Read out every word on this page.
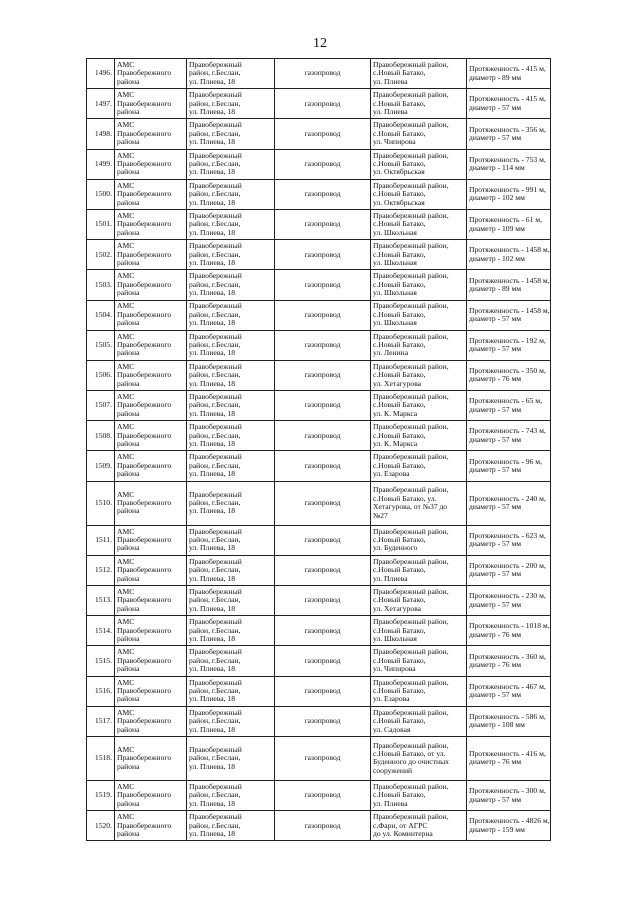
12
1496.	АМС
Правобережного
района	Правобережный
район, г.Беслан,
ул. Плиева, 18	газопровод	Правобережный район,
с.Новый Батако,
ул. Плиева	Протяженность - 415 м,
диаметр - 89 мм

1497.	АМС
Правобережного
района	Правобережный
район, г.Беслан,
ул. Плиева, 18	газопровод	Правобережный район,
с.Новый Батако,
ул. Плиева	Протяженность - 415 м,
диаметр - 57 мм

1498.	АМС
Правобережного
района	Правобережный
район, г.Беслан,
ул. Плиева, 18	газопровод	Правобережный район,
с.Новый Батако,
ул. Чипирова	Протяженность - 356 м,
диаметр - 57 мм

1499.	АМС
Правобережного
района	Правобережный
район, г.Беслан,
ул. Плиева, 18	газопровод	Правобережный район,
с.Новый Батако,
ул. Октябрьская	Протяженность - 753 м,
диаметр - 114 мм

1500.	АМС
Правобережного
района	Правобережный
район, г.Беслан,
ул. Плиева, 18	газопровод	Правобережный район,
с.Новый Батако,
ул. Октябрьская	Протяженность - 991 м,
диаметр - 102 мм

1501.	АМС
Правобережного
района	Правобережный
район, г.Беслан,
ул. Плиева, 18	газопровод	Правобережный район,
с.Новый Батако,
ул. Школьная	Протяженность - 61 м,
диаметр - 109 мм

1502.	АМС
Правобережного
района	Правобережный
район, г.Беслан,
ул. Плиева, 18	газопровод	Правобережный район,
с.Новый Батако,
ул. Школьная	Протяженность - 1458 м,
диаметр - 102 мм

1503.	АМС
Правобережного
района	Правобережный
район, г.Беслан,
ул. Плиева, 18	газопровод	Правобережный район,
с.Новый Батако,
ул. Школьная	Протяженность - 1458 м,
диаметр - 89 мм

1504.	АМС
Правобережного
района	Правобережный
район, г.Беслан,
ул. Плиева, 18	газопровод	Правобережный район,
с.Новый Батако,
ул. Школьная	Протяженность - 1458 м,
диаметр - 57 мм

1505.	АМС
Правобережного
района	Правобережный
район, г.Беслан,
ул. Плиева, 18	газопровод	Правобережный район,
с.Новый Батако,
ул. Ленина	Протяженность - 192 м,
диаметр - 57 мм

1506.	АМС
Правобережного
района	Правобережный
район, г.Беслан,
ул. Плиева, 18	газопровод	Правобережный район,
с.Новый Батако,
ул. Хетагурова	Протяженность - 350 м,
диаметр - 76 мм

1507.	АМС
Правобережного
района	Правобережный
район, г.Беслан,
ул. Плиева, 18	газопровод	Правобережный район,
с.Новый Батако,
ул. К. Маркса	Протяженность - 65 м,
диаметр - 57 мм

1508.	АМС
Правобережного
района	Правобережный
район, г.Беслан,
ул. Плиева, 18	газопровод	Правобережный район,
с.Новый Батако,
ул. К. Маркса	Протяженность - 743 м,
диаметр - 57 мм

1509.	АМС
Правобережного
района	Правобережный
район, г.Беслан,
ул. Плиева, 18	газопровод	Правобережный район,
с.Новый Батако,
ул. Езарова	Протяженность - 96 м,
диаметр - 57 мм

1510.	АМС
Правобережного
района	Правобережный
район, г.Беслан,
ул. Плиева, 18	газопровод	Правобережный район,
с.Новый Батако, ул.
Хетагурова, от №37 до
№27	Протяженность - 240 м,
диаметр - 57 мм

1511.	АМС
Правобережного
района	Правобережный
район, г.Беслан,
ул. Плиева, 18	газопровод	Правобережный район,
с.Новый Батако,
ул. Буденного	Протяженность - 623 м,
диаметр - 57 мм

1512.	АМС
Правобережного
района	Правобережный
район, г.Беслан,
ул. Плиева, 18	газопровод	Правобережный район,
с.Новый Батако,
ул. Плиева	Протяженность - 200 м,
диаметр - 57 мм

1513.	АМС
Правобережного
района	Правобережный
район, г.Беслан,
ул. Плиева, 18	газопровод	Правобережный район,
с.Новый Батако,
ул. Хетагурова	Протяженность - 230 м,
диаметр - 57 мм

1514.	АМС
Правобережного
района	Правобережный
район, г.Беслан,
ул. Плиева, 18	газопровод	Правобережный район,
с.Новый Батако,
ул. Школьная	Протяженность - 1018 м,
диаметр - 76 мм

1515.	АМС
Правобережного
района	Правобережный
район, г.Беслан,
ул. Плиева, 18	газопровод	Правобережный район,
с.Новый Батако,
ул. Чипирова	Протяженность - 360 м,
диаметр - 76 мм

1516.	АМС
Правобережного
района	Правобережный
район, г.Беслан,
ул. Плиева, 18	газопровод	Правобережный район,
с.Новый Батако,
ул. Езарова	Протяженность - 467 м,
диаметр - 57 мм

1517.	АМС
Правобережного
района	Правобережный
район, г.Беслан,
ул. Плиева, 18	газопровод	Правобережный район,
с.Новый Батако,
ул. Садовая	Протяженность - 586 м,
диаметр - 108 мм

1518.	АМС
Правобережного
района	Правобережный
район, г.Беслан,
ул. Плиева, 18	газопровод	Правобережный район,
с.Новый Батако, от ул.
Буденного до очистных
сооружений	Протяженность - 416 м,
диаметр - 76 мм

1519.	АМС
Правобережного
района	Правобережный
район, г.Беслан,
ул. Плиева, 18	газопровод	Правобережный район,
с.Новый Батако,
ул. Плиева	Протяженность - 300 м,
диаметр - 57 мм

1520.	АМС
Правобережного
района	Правобережный
район, г.Беслан,
ул. Плиева, 18	газопровод	Правобережный район,
с.Фарн, от АГРС
до ул. Коминтерна	Протяженность - 4826 м,
диаметр - 159 мм
